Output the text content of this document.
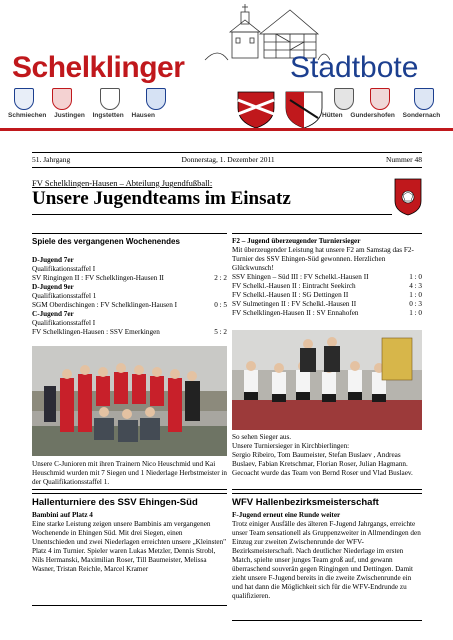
Schelklinger	Stadtbote
Schmiechen Justingen Ingstetten Hausen	Hütten Gundershofen Sondernach
51. Jahrgang	Donnerstag, 1. Dezember 2011	Nummer 48
FV Schelklingen-Hausen – Abteilung Jugendfußball:
Unsere Jugendteams im Einsatz
Spiele des vergangenen Wochenendes
D-Jugend 7er
Qualifikationsstaffel I
SV Ringingen II : FV Schelklingen-Hausen II	2 : 2
D-Jugend 9er
Qualifikationsstaffel 1
SGM Oberdischingen : FV Schelklingen-Hausen I	0 : 5
C-Jugend 7er
Qualifikationsstaffel I
FV Schelklingen-Hausen : SSV Emerkingen	5 : 2
Unsere C-Junioren mit ihren Trainern Nico Heuschmid und Kai Heuschmid wurden mit 7 Siegen und 1 Niederlage Herbstmeister in der Qualifikationsstaffel 1.
Hallenturniere des SSV Ehingen-Süd
Bambini auf Platz 4
Eine starke Leistung zeigen unsere Bambinis am vergangenen Wochenende in Ehingen Süd. Mit drei Siegen, einen Unentschieden und zwei Niederlagen erreichten unsere „Kleinsten" Platz 4 im Turnier. Spieler waren Lukas Metzler, Dennis Strobl, Nils Hermanski, Maximilian Roser, Till Baumeister, Melissa Wasner, Tristan Reichle, Marcel Kramer
F2 – Jugend überzeugender Turniersieger
Mit überzeugender Leistung hat unsere F2 am Samstag das F2-Turnier des SSV Ehingen-Süd gewonnen. Herzlichen Glückwunsch!
SSV Ehingen – Süd III : FV Schelkl.-Hausen II	1 : 0
FV Schelkl.-Hausen II : Eintracht Seekirch	4 : 3
FV Schelkl.-Hausen II : SG Dettingen II	1 : 0
SV Sulmetingen II : FV Schelkl.-Hausen II	0 : 3
FV Schelklingen-Hausen II : SV Ennahofen	1 : 0
So sehen Sieger aus.
Unsere Turniersieger in Kirchbierlingen:
Sergio Ribeiro, Tom Baumeister, Stefan Buslaev , Andreas Buslaev, Fabian Kretschmar, Florian Roser, Julian Hagmann. Gecoacht wurde das Team von Bernd Roser und Vlad Buslaev.
WFV Hallenbezirksmeisterschaft
F-Jugend erneut eine Runde weiter
Trotz einiger Ausfälle des älteren F-Jugend Jahrgangs, erreichte unser Team sensationell als Gruppenzweiter in Allmendingen den Einzug zur zweiten Zwischenrunde der WFV-Bezirksmeisterschaft. Nach deutlicher Niederlage im ersten Match, spielte unser junges Team groß auf, und gewann überraschend souverän gegen Ringingen und Dettingen. Damit zieht unsere F-Jugend bereits in die zweite Zwischenrunde ein und hat dann die Möglichkeit sich für die WFV-Endrunde zu qualifizieren.
